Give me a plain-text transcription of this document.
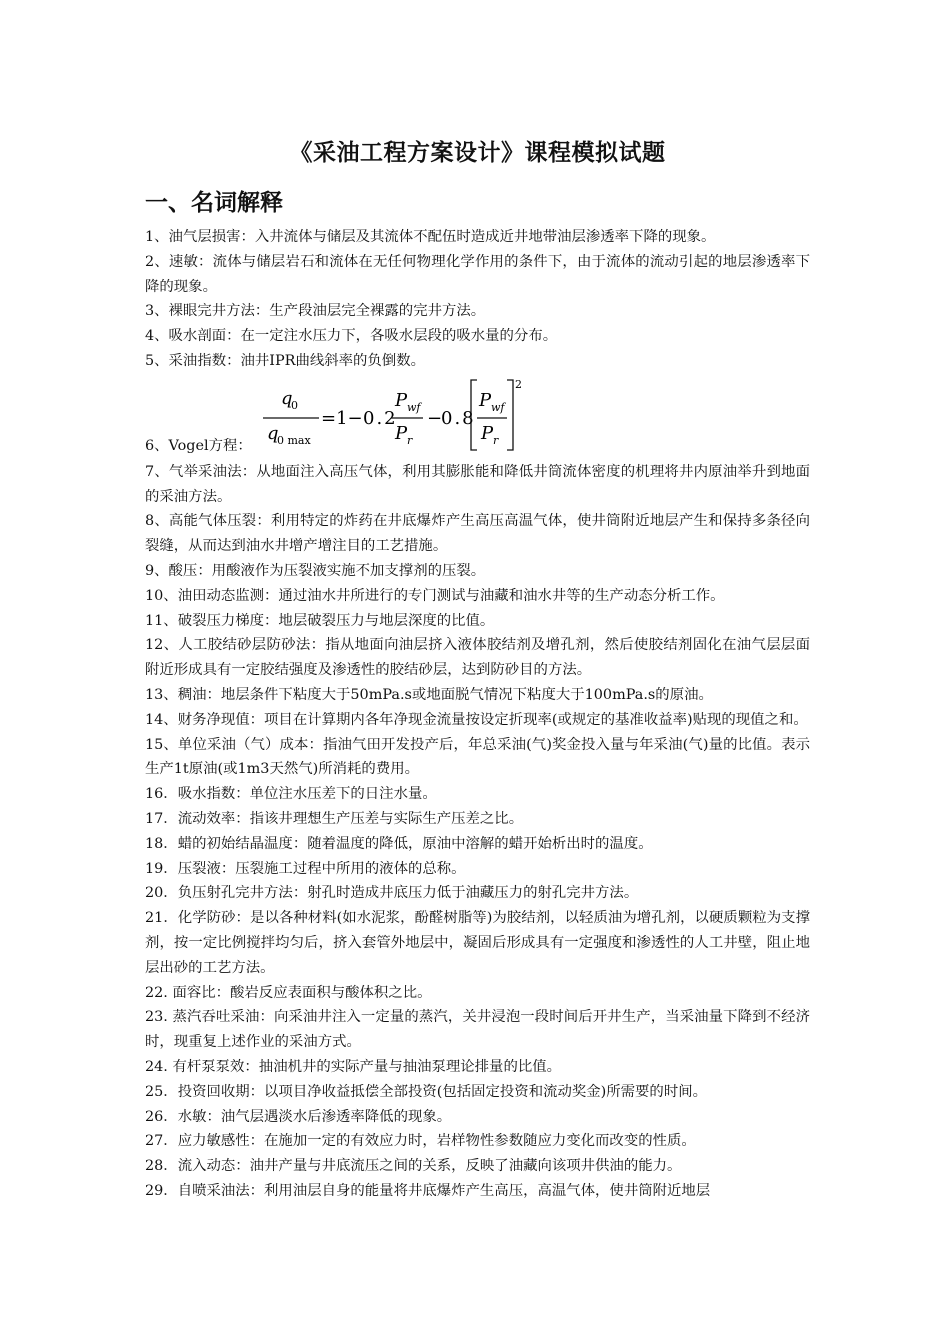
《采油工程方案设计》课程模拟试题
一、名词解释

1、油气层损害：入井流体与储层及其流体不配伍时造成近井地带油层渗透率下降的现象。

2、速敏：流体与储层岩石和流体在无任何物理化学作用的条件下，由于流体的流动引起的地层渗透率下降的现象。

3、裸眼完井方法：生产段油层完全裸露的完井方法。

4、吸水剖面：在一定注水压力下，各吸水层段的吸水量的分布。

5、采油指数：油井IPR曲线斜率的负倒数。

6、Vogel方程：
q
0
q
0 max
=1− 0.2
P wf
P r
−
0.8
P wf
P r
2

7、气举采油法：从地面注入高压气体，利用其膨胀能和降低井筒流体密度的机理将井内原油举升到地面的采油方法。

8、高能气体压裂：利用特定的炸药在井底爆炸产生高压高温气体，使井筒附近地层产生和保持多条径向裂缝，从而达到油水井增产增注目的工艺措施。

9、酸压：用酸液作为压裂液实施不加支撑剂的压裂。

10、油田动态监测：通过油水井所进行的专门测试与油藏和油水井等的生产动态分析工作。

11、破裂压力梯度：地层破裂压力与地层深度的比值。

12、人工胶结砂层防砂法：指从地面向油层挤入液体胶结剂及增孔剂，然后使胶结剂固化在油气层层面附近形成具有一定胶结强度及渗透性的胶结砂层，达到防砂目的方法。

13、稠油：地层条件下粘度大于50mPa.s或地面脱气情况下粘度大于100mPa.s的原油。

14、财务净现值：项目在计算期内各年净现金流量按设定折现率(或规定的基准收益率)贴现的现值之和。

15、单位采油（气）成本：指油气田开发投产后，年总采油(气)奖金投入量与年采油(气)量的比值。表示生产1t原油(或1m3天然气)所消耗的费用。

16．吸水指数：单位注水压差下的日注水量。

17．流动效率：指该井理想生产压差与实际生产压差之比。

18．蜡的初始结晶温度：随着温度的降低，原油中溶解的蜡开始析出时的温度。

19．压裂液：压裂施工过程中所用的液体的总称。

20．负压射孔完井方法：射孔时造成井底压力低于油藏压力的射孔完井方法。

21．化学防砂：是以各种材料(如水泥浆，酚醛树脂等)为胶结剂，以轻质油为增孔剂，以硬质颗粒为支撑剂，按一定比例搅拌均匀后，挤入套管外地层中，凝固后形成具有一定强度和渗透性的人工井壁，阻止地层出砂的工艺方法。

22. 面容比：酸岩反应表面积与酸体积之比。

23. 蒸汽吞吐采油：向采油井注入一定量的蒸汽，关井浸泡一段时间后开井生产，当采油量下降到不经济时，现重复上述作业的采油方式。

24. 有杆泵泵效：抽油机井的实际产量与抽油泵理论排量的比值。

25．投资回收期：以项目净收益抵偿全部投资(包括固定投资和流动奖金)所需要的时间。

26．水敏：油气层遇淡水后渗透率降低的现象。

27．应力敏感性：在施加一定的有效应力时，岩样物性参数随应力变化而改变的性质。

28．流入动态：油井产量与井底流压之间的关系，反映了油藏向该项井供油的能力。

29．自喷采油法：利用油层自身的能量将井底爆炸产生高压，高温气体，使井筒附近地层
